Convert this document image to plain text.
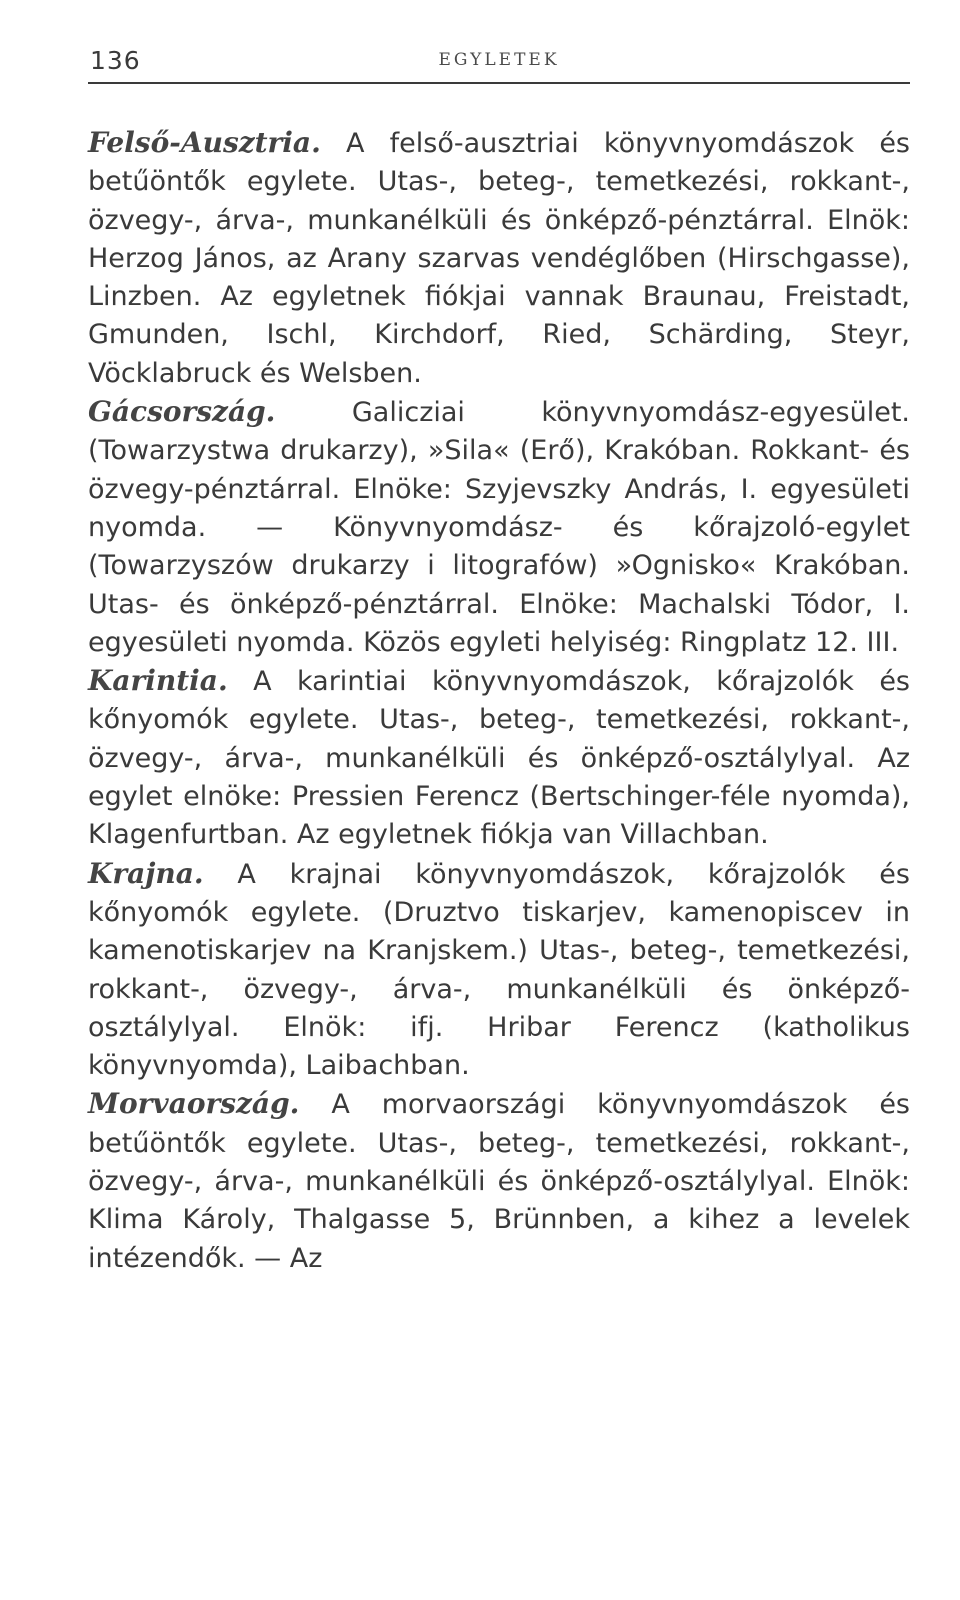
136	EGYLETEK

Felső-Ausztria. A felső-ausztriai könyvnyomdászok és betűöntők egylete. Utas-, beteg-, temetkezési, rokkant-, özvegy-, árva-, munkanélküli és önképző-pénztárral. Elnök: Herzog János, az Arany szarvas vendéglőben (Hirschgasse), Linzben. Az egyletnek fiókjai vannak Braunau, Freistadt, Gmunden, Ischl, Kirchdorf, Ried, Schärding, Steyr, Vöcklabruck és Welsben.

Gácsország. Galicziai könyvnyomdász-egyesület. (Towarzystwa drukarzy), »Sila« (Erő), Krakóban. Rokkant- és özvegy-pénztárral. Elnöke: Szyjevszky András, I. egyesületi nyomda. — Könyvnyomdász- és kőrajzoló-egylet (Towarzyszów drukarzy i litografów) »Ognisko« Krakóban. Utas- és önképző-pénztárral. Elnöke: Machalski Tódor, I. egyesületi nyomda. Közös egyleti helyiség: Ringplatz 12. III.

Karintia. A karintiai könyvnyomdászok, kőrajzolók és kőnyomók egylete. Utas-, beteg-, temetkezési, rokkant-, özvegy-, árva-, munkanélküli és önképző-osztálylyal. Az egylet elnöke: Pressien Ferencz (Bertschinger-féle nyomda), Klagenfurtban. Az egyletnek fiókja van Villachban.

Krajna. A krajnai könyvnyomdászok, kőrajzolók és kőnyomók egylete. (Druztvo tiskarjev, kamenopiscev in kamenotiskarjev na Kranjskem.) Utas-, beteg-, temetkezési, rokkant-, özvegy-, árva-, munkanélküli és önképző-osztálylyal. Elnök: ifj. Hribar Ferencz (katholikus könyvnyomda), Laibachban.

Morvaország. A morvaországi könyvnyomdászok és betűöntők egylete. Utas-, beteg-, temetkezési, rokkant-, özvegy-, árva-, munkanélküli és önképző-osztálylyal. Elnök: Klima Károly, Thalgasse 5, Brünnben, a kihez a levelek intézendők. — Az
